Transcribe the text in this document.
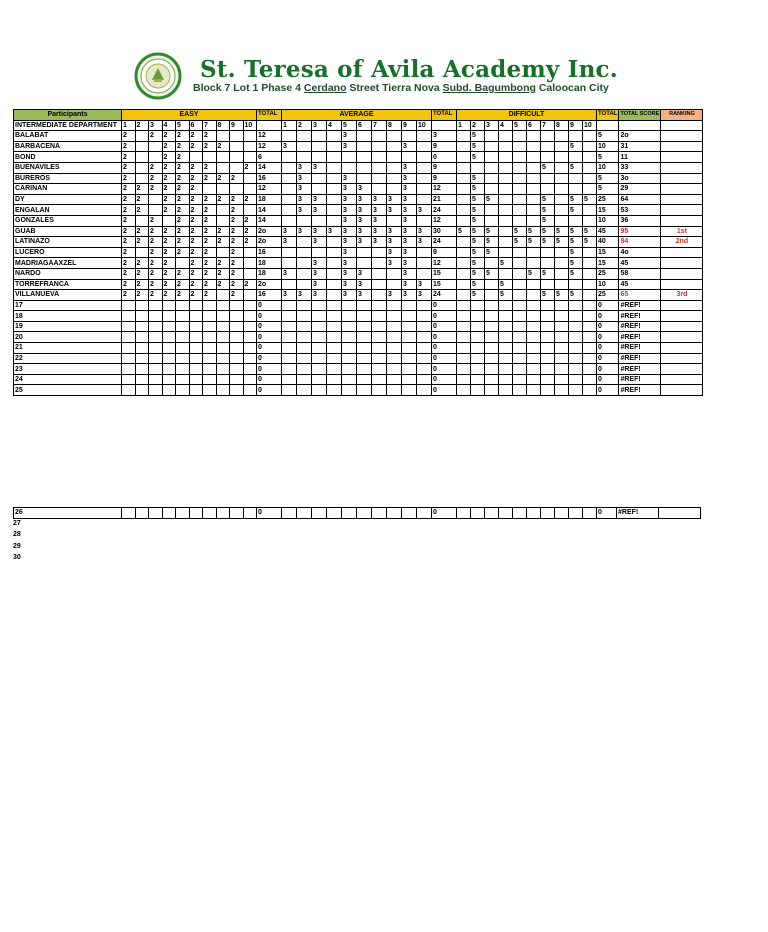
St. Teresa of Avila Academy Inc.
Block 7 Lot 1 Phase 4 Cerdano Street Tierra Nova Subd. Bagumbong Caloocan City
Participants	EASY										TOTAL	AVERAGE										TOTAL	DIFFICULT										TOTAL	TOTAL SCORE	RANKING
INTERMEDIATE DEPARTMENT	1	2	3	4	5	6	7	8	9	10		1	2	3	4	5	6	7	8	9	10		1	2	3	4	5	6	7	8	9	10			
BALABAT	2		2	2	2	2	2				12					3						3		5									5	2o	
BARBACENA	2			2	2	2	2	2			12	3				3				3		9		5							5		10	31	
BOND	2			2	2						6											0		5									5	11	
BUENAVILES	2		2	2	2	2	2			2	14		3	3						3		9							5		5		10	33	
BUREROS	2		2	2	2	2	2	2	2		16		3			3				3		9		5									5	3o	
CARINAN	2	2	2	2	2	2					12		3			3	3			3		12		5									5	29	
DY	2	2		2	2	2	2	2	2	2	18		3	3		3	3	3	3	3		21		5	5				5		5	5	25	64	
ENGALAN	2	2		2	2	2	2		2		14		3	3		3	3	3	3	3	3	24		5					5		5		15	53	
GONZALES	2		2		2	2	2		2	2	14					3	3	3		3		12		5					5				10	36	
GUAB	2	2	2	2	2	2	2	2	2	2	2o	3	3	3	3	3	3	3	3	3	3	30	5	5	5		5	5	5	5	5	5	45	95	1st
LATINAZO	2	2	2	2	2	2	2	2	2	2	2o	3		3		3	3	3	3	3	3	24		5	5		5	5	5	5	5	5	40	84	2nd
LUCERO	2		2	2	2	2	2		2		16					3			3	3		9		5	5						5		15	4o	
MADRIAGAAXZEL	2	2	2	2		2	2	2	2		18			3		3			3	3		12		5		5					5		15	45	
NARDO	2	2	2	2	2	2	2	2	2		18	3		3		3	3			3		15		5	5			5	5		5		25	58	
TORREFRANCA	2	2	2	2	2	2	2	2	2	2	2o			3		3	3			3	3	15		5		5							10	45	
VILLANUEVA	2	2	2	2	2	2	2		2		16	3	3	3		3	3		3	3	3	24		5		5			5	5	5		25	65	3rd
17											0											0											0	#REF!	
18											0											0											0	#REF!	
19											0											0											0	#REF!	
20											0											0											0	#REF!	
21											0											0											0	#REF!	
22											0											0											0	#REF!	
23											0											0											0	#REF!	
24											0											0											0	#REF!	
25											0											0											0	#REF!	
26											0											0											0	#REF!	
27
28
29
30
